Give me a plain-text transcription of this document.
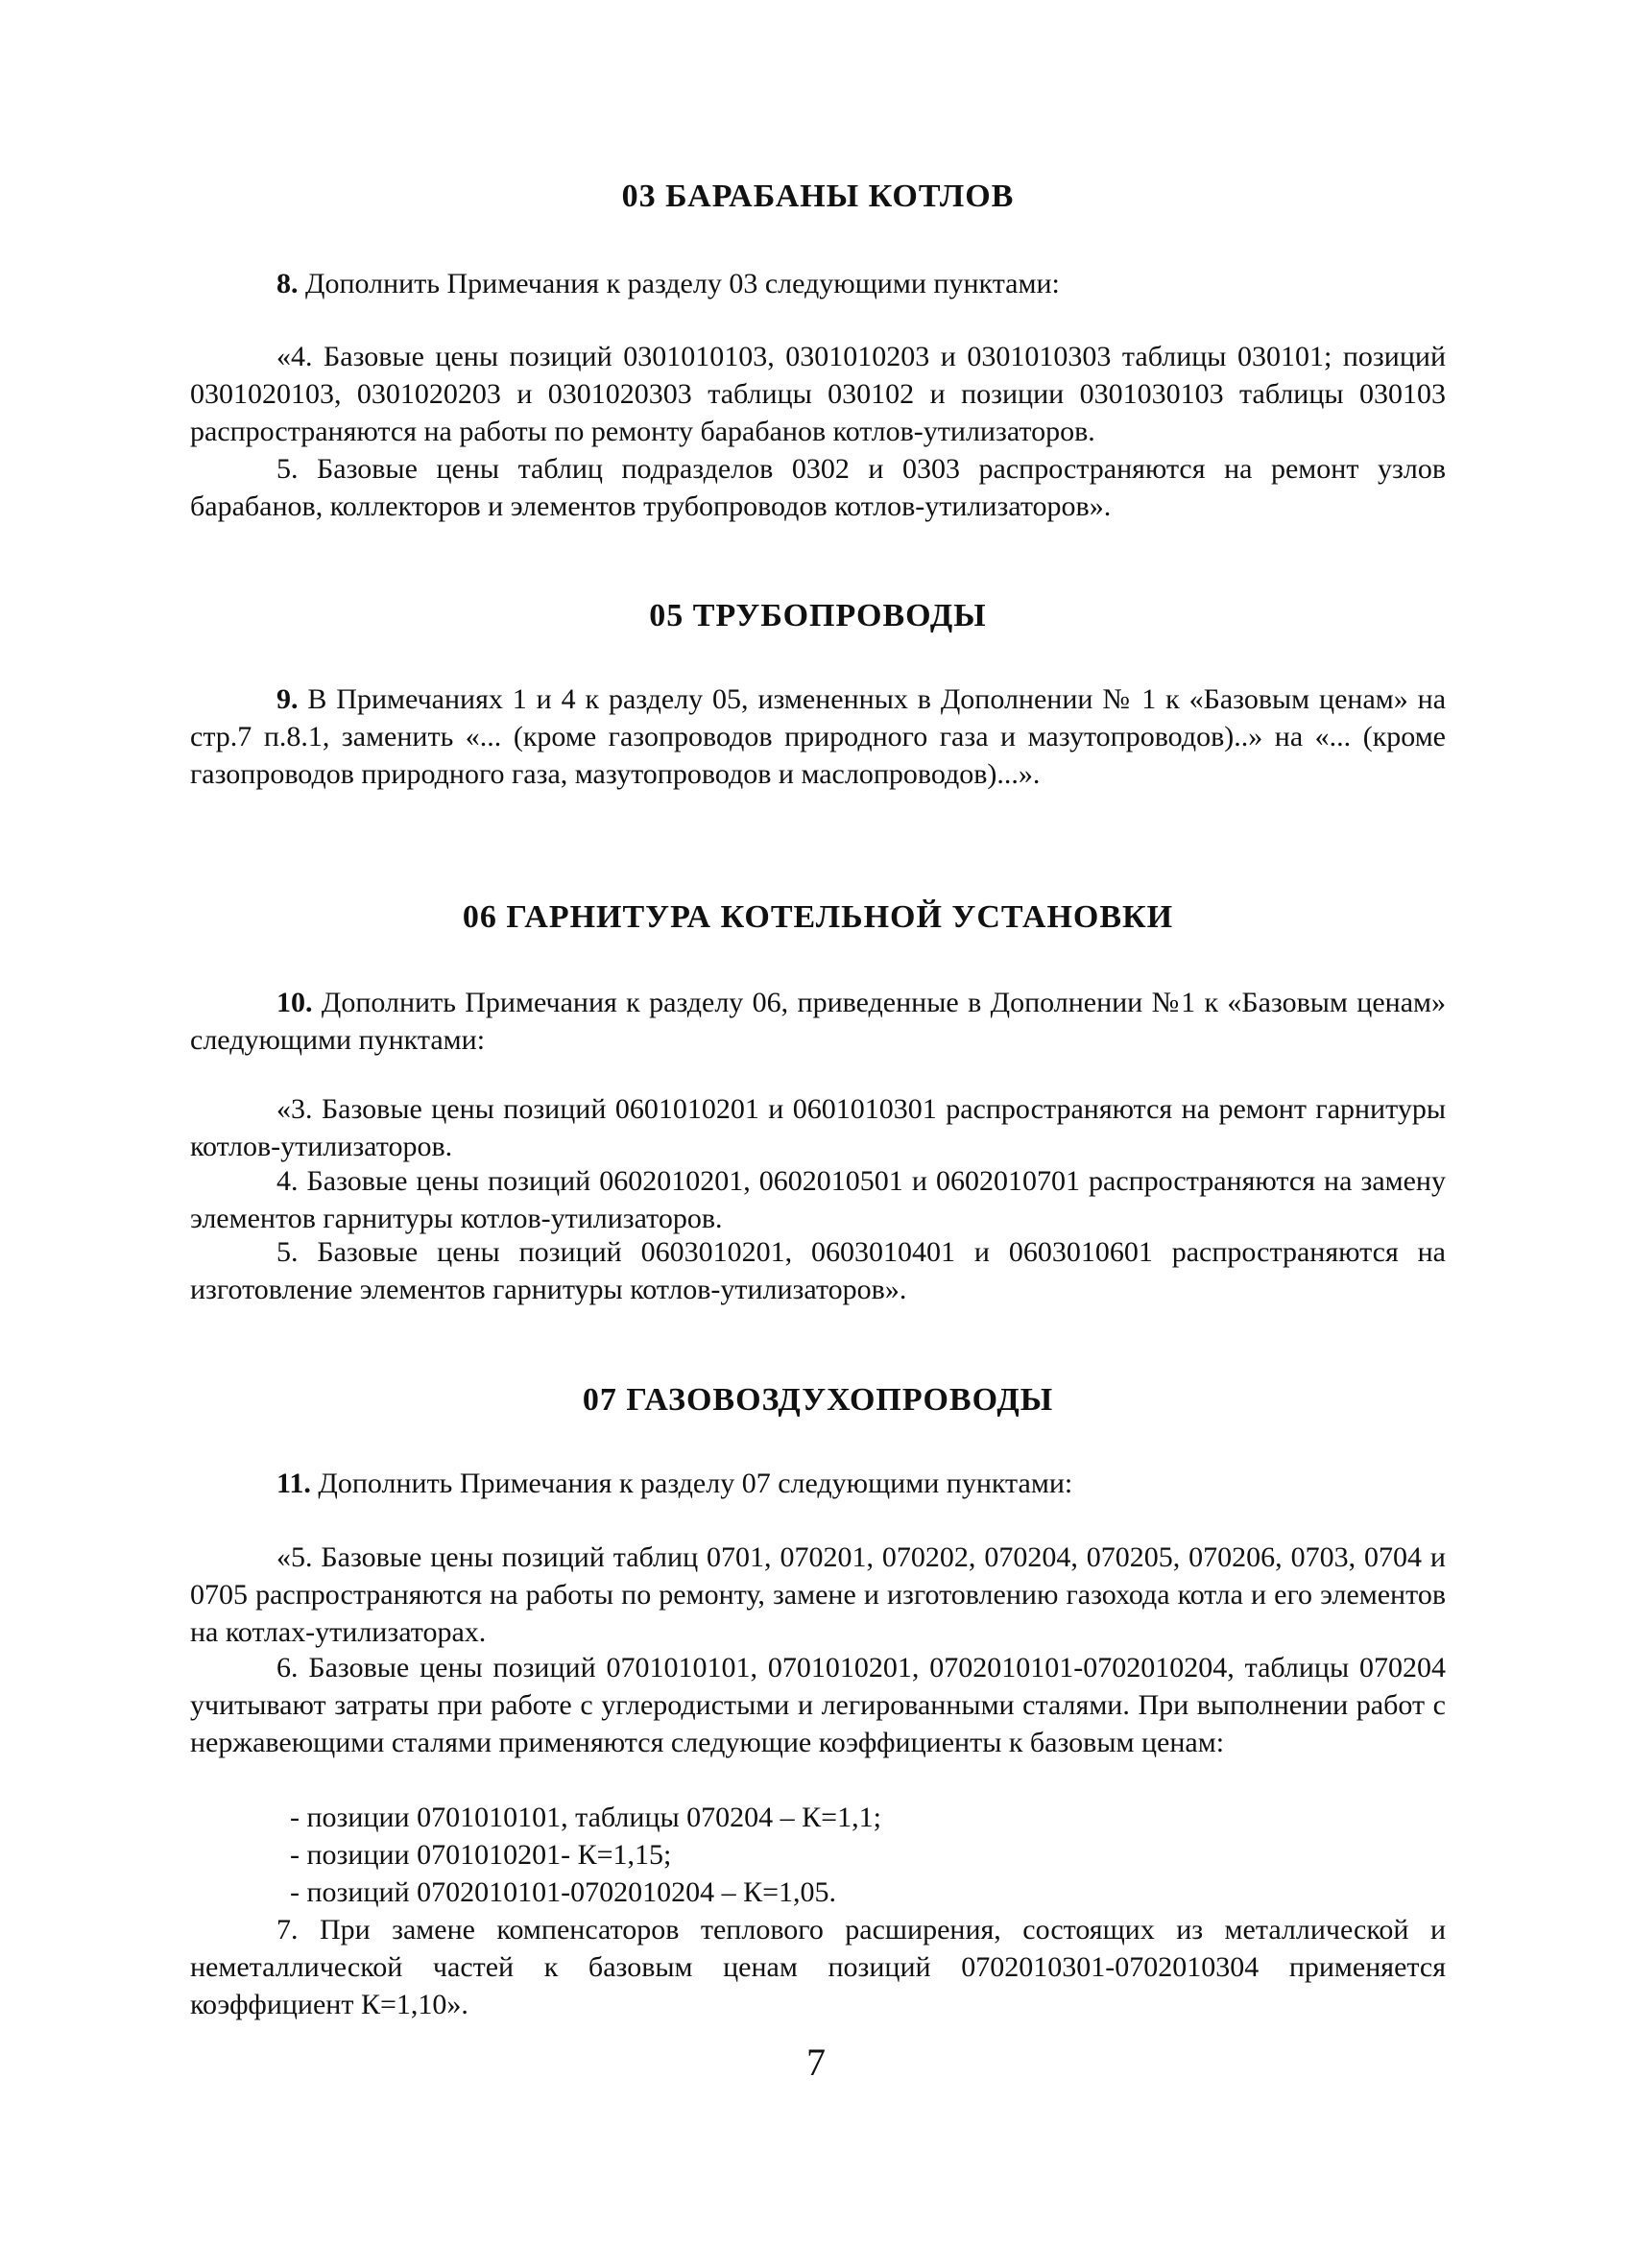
03 БАРАБАНЫ КОТЛОВ

8. Дополнить Примечания к разделу 03 следующими пунктами:

«4. Базовые цены позиций 0301010103, 0301010203 и 0301010303 таблицы 030101; позиций 0301020103, 0301020203 и 0301020303 таблицы 030102 и позиции 0301030103 таблицы 030103 распространяются на работы по ремонту барабанов котлов-утилизаторов.

5. Базовые цены таблиц подразделов 0302 и 0303 распространяются на ремонт узлов барабанов, коллекторов и элементов трубопроводов котлов-утилизаторов».

05 ТРУБОПРОВОДЫ

9. В Примечаниях 1 и 4 к разделу 05, измененных в Дополнении № 1 к «Базовым ценам» на стр.7 п.8.1, заменить «... (кроме газопроводов природного газа и мазутопроводов)..» на «... (кроме газопроводов природного газа, мазутопроводов и маслопроводов)...».

06 ГАРНИТУРА КОТЕЛЬНОЙ УСТАНОВКИ

10. Дополнить Примечания к разделу 06, приведенные в Дополнении №1 к «Базовым ценам» следующими пунктами:

«3. Базовые цены позиций 0601010201 и 0601010301 распространяются на ремонт гарнитуры котлов-утилизаторов.

4. Базовые цены позиций 0602010201, 0602010501 и 0602010701 распространяются на замену элементов гарнитуры котлов-утилизаторов.

5. Базовые цены позиций 0603010201, 0603010401 и 0603010601 распространяются на изготовление элементов гарнитуры котлов-утилизаторов».

07 ГАЗОВОЗДУХОПРОВОДЫ

11. Дополнить Примечания к разделу 07 следующими пунктами:

«5. Базовые цены позиций таблиц 0701, 070201, 070202, 070204, 070205, 070206, 0703, 0704 и 0705 распространяются на работы по ремонту, замене и изготовлению газохода котла и его элементов на котлах-утилизаторах.

6. Базовые цены позиций 0701010101, 0701010201, 0702010101-0702010204, таблицы 070204 учитывают затраты при работе с углеродистыми и легированными сталями. При выполнении работ с нержавеющими сталями применяются следующие коэффициенты к базовым ценам:

- позиции 0701010101, таблицы 070204 – К=1,1;

- позиции 0701010201- К=1,15;

- позиций 0702010101-0702010204 – К=1,05.

7. При замене компенсаторов теплового расширения, состоящих из металлической и неметаллической частей к базовым ценам позиций 0702010301-0702010304 применяется коэффициент К=1,10».

7
